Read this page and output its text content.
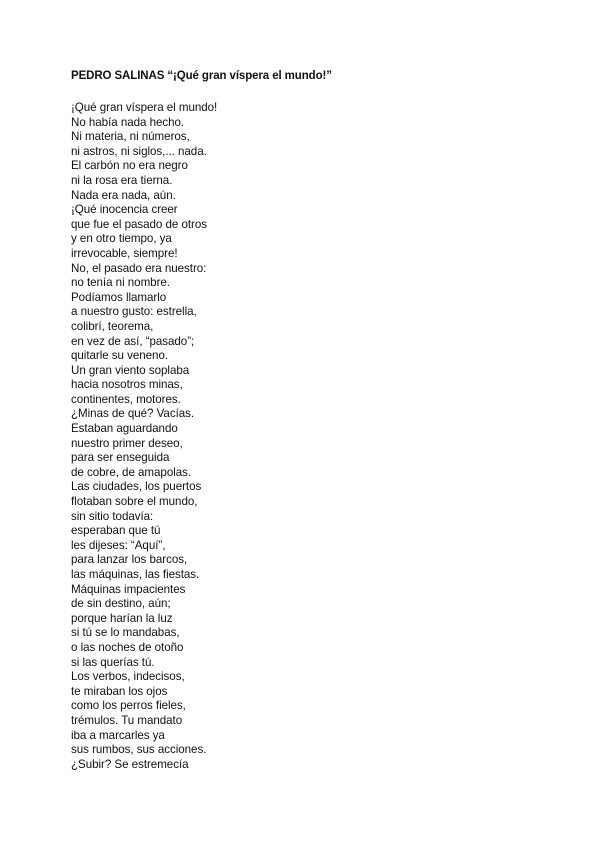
PEDRO SALINAS “¡Qué gran víspera el mundo!”
¡Qué gran víspera el mundo!
No había nada hecho.
Ni materia, ni números,
ni astros, ni siglos,... nada.
El carbón no era negro
ni la rosa era tierna.
Nada era nada, aún.
¡Qué inocencia creer
que fue el pasado de otros
y en otro tiempo, ya
irrevocable, siempre!
No, el pasado era nuestro:
no tenía ni nombre.
Podíamos llamarlo
a nuestro gusto: estrella,
colibrí, teorema,
en vez de así, “pasado”;
quitarle su veneno.
Un gran viento soplaba
hacia nosotros minas,
continentes, motores.
¿Minas de qué? Vacías.
Estaban aguardando
nuestro primer deseo,
para ser enseguida
de cobre, de amapolas.
Las ciudades, los puertos
flotaban sobre el mundo,
sin sitio todavía:
esperaban que tú
les dijeses: “Aquí”,
para lanzar los barcos,
las máquinas, las fiestas.
Máquinas impacientes
de sin destino, aún;
porque harían la luz
si tú se lo mandabas,
o las noches de otoño
si las querías tú.
Los verbos, indecisos,
te miraban los ojos
como los perros fieles,
trémulos. Tu mandato
iba a marcarles ya
sus rumbos, sus acciones.
¿Subir? Se estremecía
